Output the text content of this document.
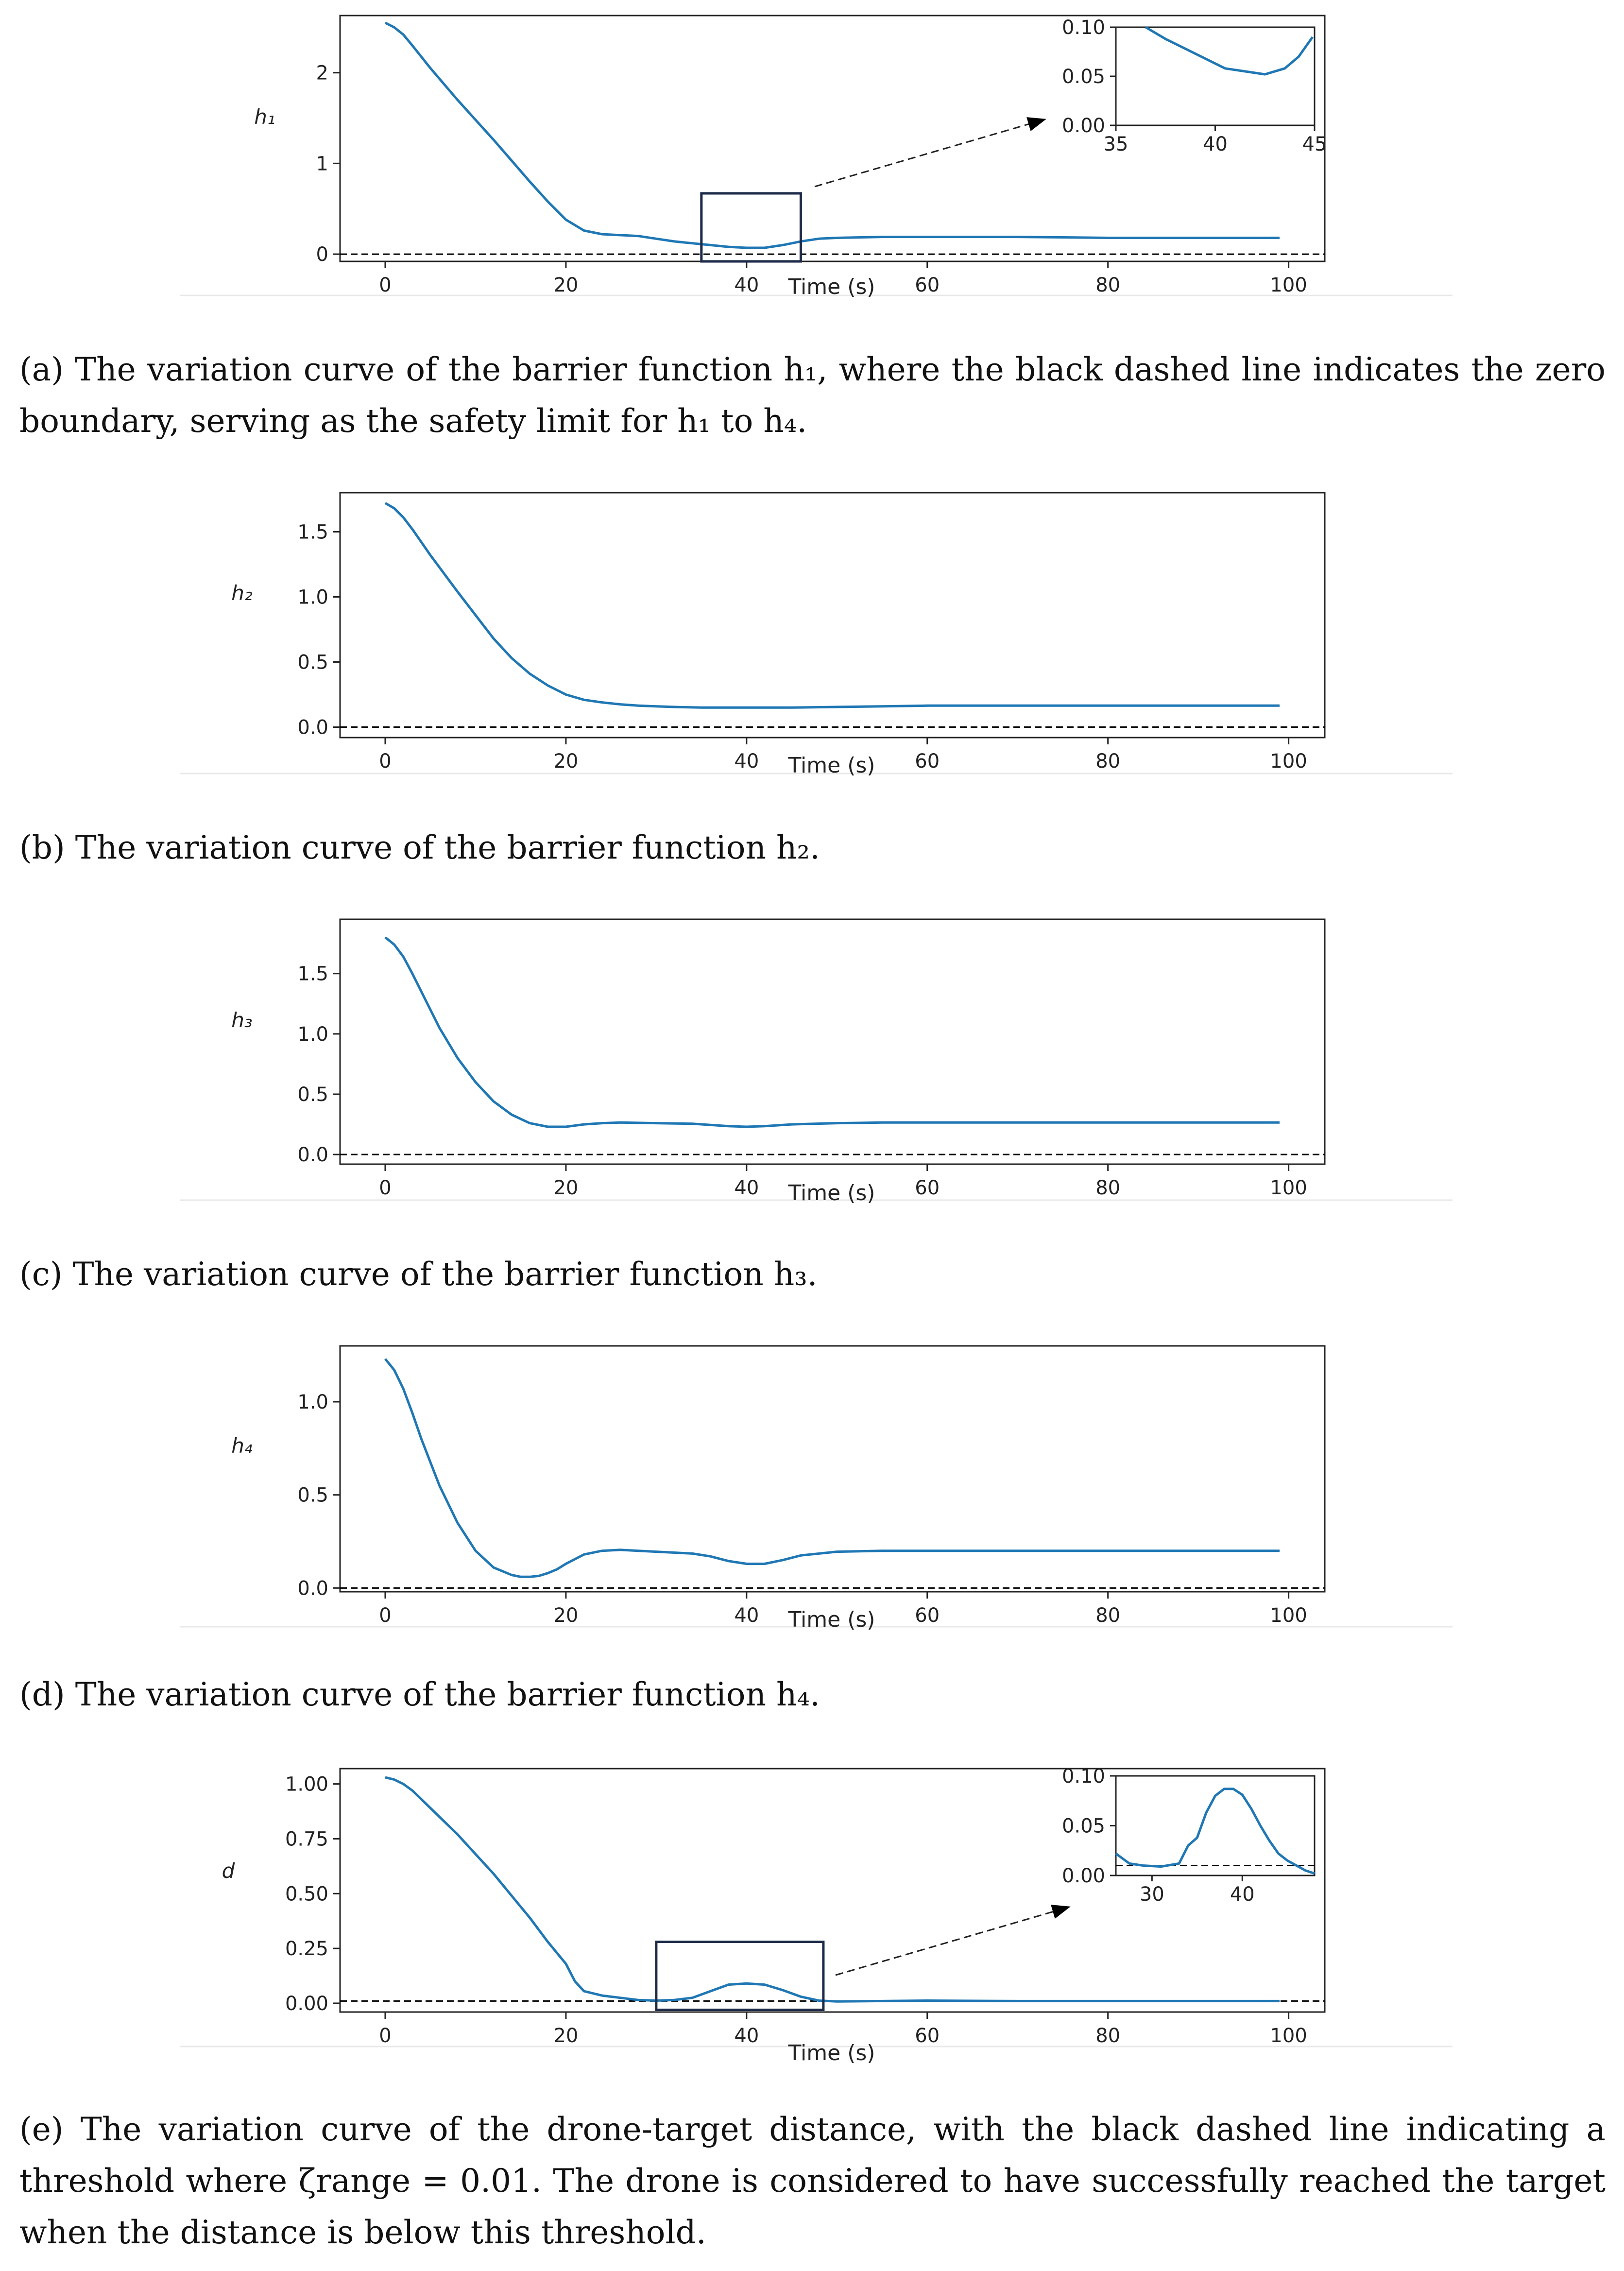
0	20	40	60	80	100
0
1
2
Time (s)
h₁
35	40	45
0.00
0.05
0.10
0	20	40	60	80	100
0.0
0.5
1.0
1.5
Time (s)
h₂
0	20	40	60	80	100
0.0
0.5
1.0
1.5
Time (s)
h₃
0	20	40	60	80	100
0.0
0.5
1.0
Time (s)
h₄
0	20	40	60	80	100
0.00
0.25
0.50
0.75
1.00
Time (s)
d
30	40
0.00
0.05
0.10
(a) The variation curve of the barrier function h₁, where the black dashed line indicates the zero boundary, serving as the safety limit for h₁ to h₄.
(b) The variation curve of the barrier function h₂.
(c) The variation curve of the barrier function h₃.
(d) The variation curve of the barrier function h₄.
(e) The variation curve of the drone-target distance, with the black dashed line indicating a threshold where ζrange = 0.01. The drone is considered to have successfully reached the target when the distance is below this threshold.
